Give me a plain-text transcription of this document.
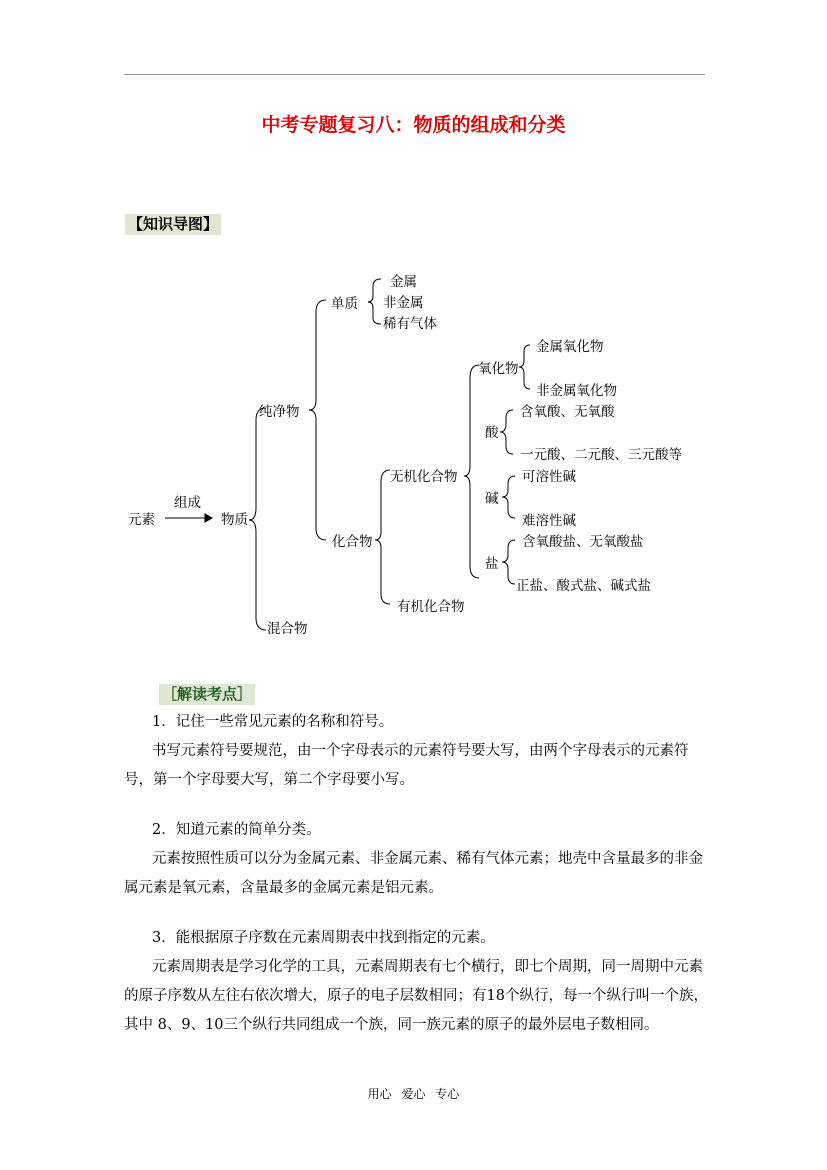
中考专题复习八：物质的组成和分类
【知识导图】
元素
组成
物质
纯净物
混合物
单质
金属
非金属
稀有气体
化合物
无机化合物
有机化合物
氧化物
金属氧化物
非金属氧化物
酸
含氧酸、无氧酸
一元酸、二元酸、三元酸等
碱
可溶性碱
难溶性碱
盐
含氧酸盐、无氧酸盐
正盐、酸式盐、碱式盐
［解读考点］
1．记住一些常见元素的名称和符号。
书写元素符号要规范，由一个字母表示的元素符号要大写，由两个字母表示的元素符号，第一个字母要大写，第二个字母要小写。
2．知道元素的简单分类。
元素按照性质可以分为金属元素、非金属元素、稀有气体元素；地壳中含量最多的非金属元素是氧元素，含量最多的金属元素是铝元素。
3．能根据原子序数在元素周期表中找到指定的元素。
元素周期表是学习化学的工具，元素周期表有七个横行，即七个周期，同一周期中元素的原子序数从左往右依次增大，原子的电子层数相同；有18个纵行，每一个纵行叫一个族，其中 8、9、10三个纵行共同组成一个族，同一族元素的原子的最外层电子数相同。
用心 爱心 专心
